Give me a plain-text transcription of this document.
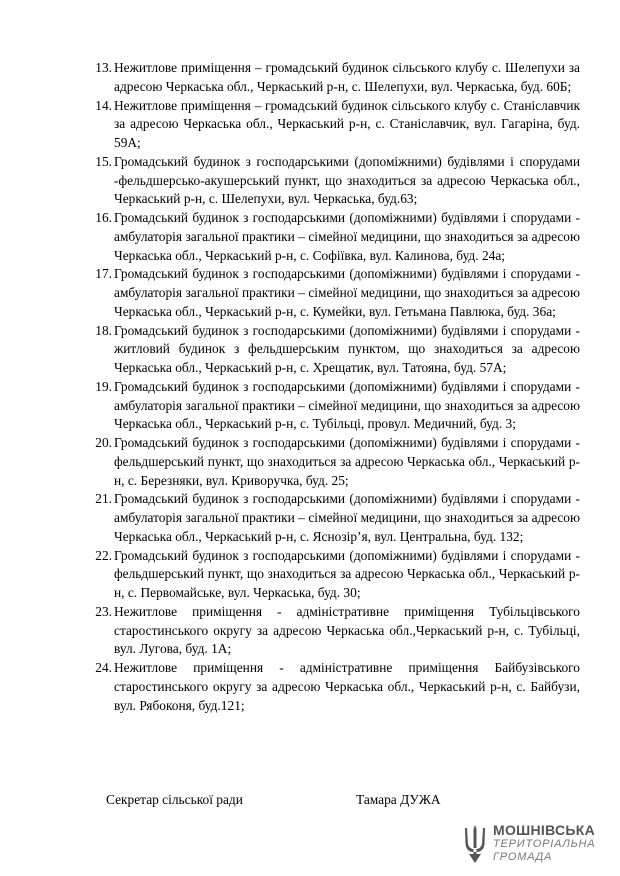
13. Нежитлове приміщення – громадський будинок сільського клубу с. Шелепухи за адресою Черкаська обл., Черкаський р-н, с. Шелепухи, вул. Черкаська, буд. 60Б;
14. Нежитлове приміщення – громадський будинок сільського клубу с. Станіславчик за адресою Черкаська обл., Черкаський р-н, с. Станіславчик, вул. Гагаріна, буд. 59А;
15. Громадський будинок з господарськими (допоміжними) будівлями і спорудами -фельдшерсько-акушерський пункт, що знаходиться за адресою Черкаська обл., Черкаський р-н, с. Шелепухи, вул. Черкаська, буд.63;
16. Громадський будинок з господарськими (допоміжними) будівлями і спорудами - амбулаторія загальної практики – сімейної медицини, що знаходиться за адресою Черкаська обл., Черкаський р-н, с. Софіївка, вул. Калинова, буд. 24а;
17. Громадський будинок з господарськими (допоміжними) будівлями і спорудами - амбулаторія загальної практики – сімейної медицини, що знаходиться за адресою Черкаська обл., Черкаський р-н, с. Кумейки, вул. Гетьмана Павлюка, буд. 36а;
18. Громадський будинок з господарськими (допоміжними) будівлями і спорудами - житловий будинок з фельдшерським пунктом, що знаходиться за адресою Черкаська обл., Черкаський р-н, с. Хрещатик, вул. Татояна, буд. 57А;
19. Громадський будинок з господарськими (допоміжними) будівлями і спорудами - амбулаторія загальної практики – сімейної медицини, що знаходиться за адресою Черкаська обл., Черкаський р-н, с. Тубільці, провул. Медичний, буд. 3;
20. Громадський будинок з господарськими (допоміжними) будівлями і спорудами - фельдшерський пункт, що знаходиться за адресою Черкаська обл., Черкаський р-н, с. Березняки, вул. Криворучка, буд. 25;
21. Громадський будинок з господарськими (допоміжними) будівлями і спорудами - амбулаторія загальної практики – сімейної медицини, що знаходиться за адресою Черкаська обл., Черкаський р-н, с. Яснозір’я, вул. Центральна, буд. 132;
22. Громадський будинок з господарськими (допоміжними) будівлями і спорудами - фельдшерський пункт, що знаходиться за адресою Черкаська обл., Черкаський р-н, с. Первомайське, вул. Черкаська, буд. 30;
23. Нежитлове приміщення - адміністративне приміщення Тубільцівського старостинського округу за адресою Черкаська обл.,Черкаський р-н, с. Тубільці, вул. Лугова, буд. 1А;
24. Нежитлове приміщення - адміністративне приміщення Байбузівського старостинського округу за адресою Черкаська обл., Черкаський р-н, с. Байбузи, вул. Рябоконя, буд.121;
Секретар сільської ради	Тамара ДУЖА
МОШНІВСЬКА
ТЕРИТОРІАЛЬНА
ГРОМАДА
